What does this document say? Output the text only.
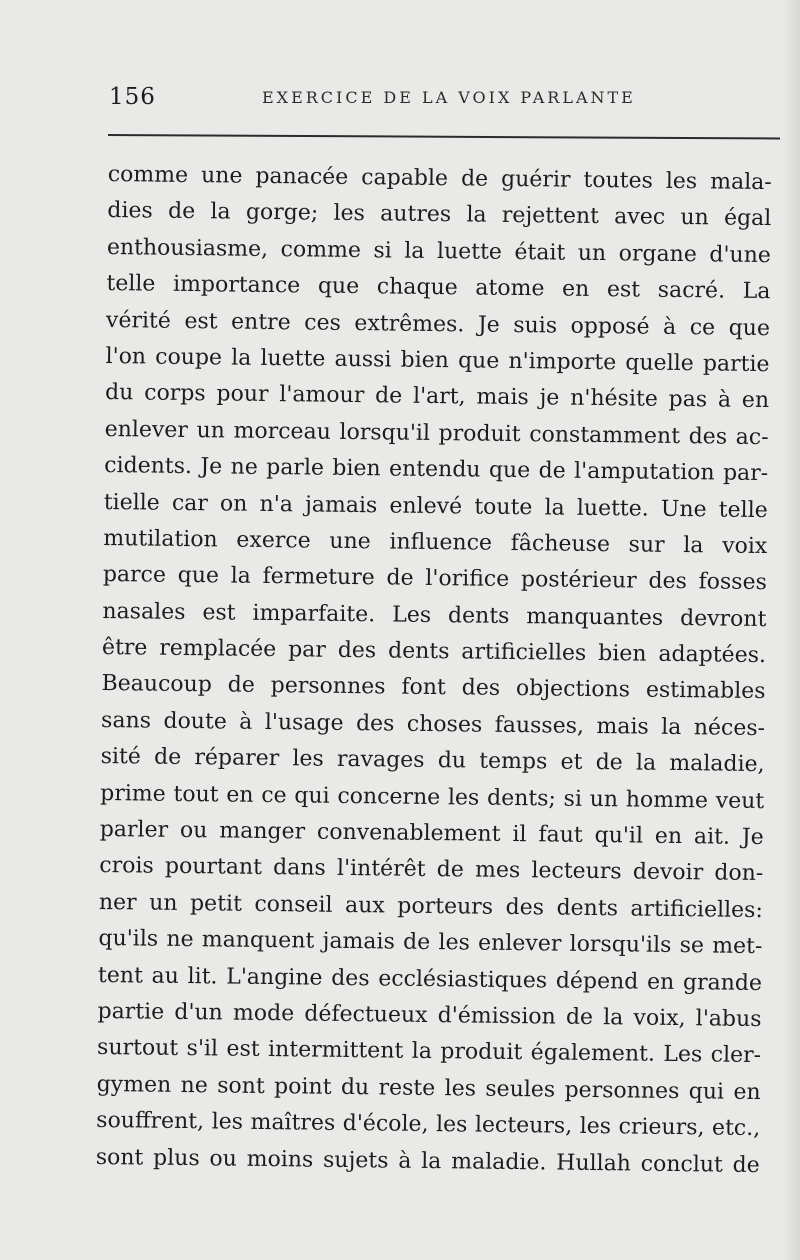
156	EXERCICE DE LA VOIX PARLANTE
comme une panacée capable de guérir toutes les mala-
dies de la gorge; les autres la rejettent avec un égal
enthousiasme, comme si la luette était un organe d'une
telle importance que chaque atome en est sacré. La
vérité est entre ces extrêmes. Je suis opposé à ce que
l'on coupe la luette aussi bien que n'importe quelle partie
du corps pour l'amour de l'art, mais je n'hésite pas à en
enlever un morceau lorsqu'il produit constamment des ac-
cidents. Je ne parle bien entendu que de l'amputation par-
tielle car on n'a jamais enlevé toute la luette. Une telle
mutilation exerce une influence fâcheuse sur la voix
parce que la fermeture de l'orifice postérieur des fosses
nasales est imparfaite. Les dents manquantes devront
être remplacée par des dents artificielles bien adaptées.
Beaucoup de personnes font des objections estimables
sans doute à l'usage des choses fausses, mais la néces-
sité de réparer les ravages du temps et de la maladie,
prime tout en ce qui concerne les dents; si un homme veut
parler ou manger convenablement il faut qu'il en ait. Je
crois pourtant dans l'intérêt de mes lecteurs devoir don-
ner un petit conseil aux porteurs des dents artificielles:
qu'ils ne manquent jamais de les enlever lorsqu'ils se met-
tent au lit. L'angine des ecclésiastiques dépend en grande
partie d'un mode défectueux d'émission de la voix, l'abus
surtout s'il est intermittent la produit également. Les cler-
gymen ne sont point du reste les seules personnes qui en
souffrent, les maîtres d'école, les lecteurs, les crieurs, etc.,
sont plus ou moins sujets à la maladie. Hullah conclut de
